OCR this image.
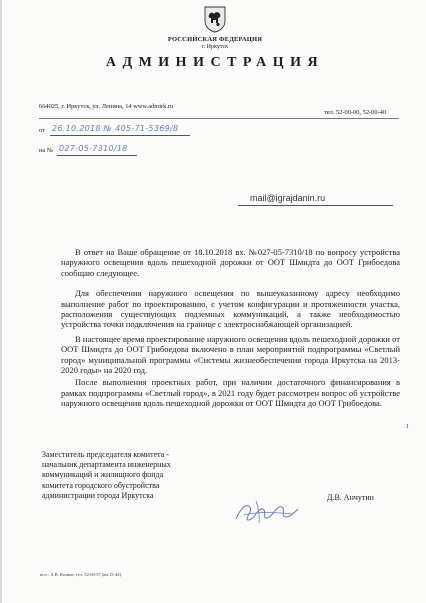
РОССИЙСКАЯ ФЕДЕРАЦИЯ
г. Иркутск
АДМИНИСТРАЦИЯ
664025, г. Иркутск, ул. Ленина, 14 www.admirk.ru
тел. 52-00-00, 52-00-40
от 26.10.2018 № 405-71-5369/8
на № 027-05-7310/18
mail@igrajdanin.ru

В ответ на Ваше обращение от 18.10.2018 вх. №027-05-7310/18 по вопросу устройства наружного освещения вдоль пешеходной дорожки от ООТ Шмидта до ООТ Грибоедова сообщаю следующее.

Для обеспечения наружного освещения по вышеуказанному адресу необходимо выполнение работ по проектированию, с учетом конфигурации и протяженности участка, расположения существующих подземных коммуникаций, а также необходимостью устройства точки подключения на границе с электроснабжающей организацией.

В настоящее время проектирование наружного освещения вдоль пешеходной дорожки от ООТ Шмидта до ООТ Грибоедова включено в план мероприятий подпрограммы «Светлый город» муниципальной программы «Системы жизнеобеспечения города Иркутска на 2013-2020 годы» на 2020 год.

После выполнения проектных работ, при наличии достаточного финансирования в рамках подпрограммы «Светлый город», в 2021 году будет рассмотрен вопрос об устройстве наружного освещения вдоль пешеходной дорожки от ООТ Шмидта до ООТ Грибоедова.

1
Заместитель председателя комитета -
начальник департамента инженерных
коммуникаций и жилищного фонда
комитета городского обустройства
администрации города Иркутска	Д.В. Анчутин
исп.: А.В. Козина, тел. 52-00-57 (вн.15-44)
